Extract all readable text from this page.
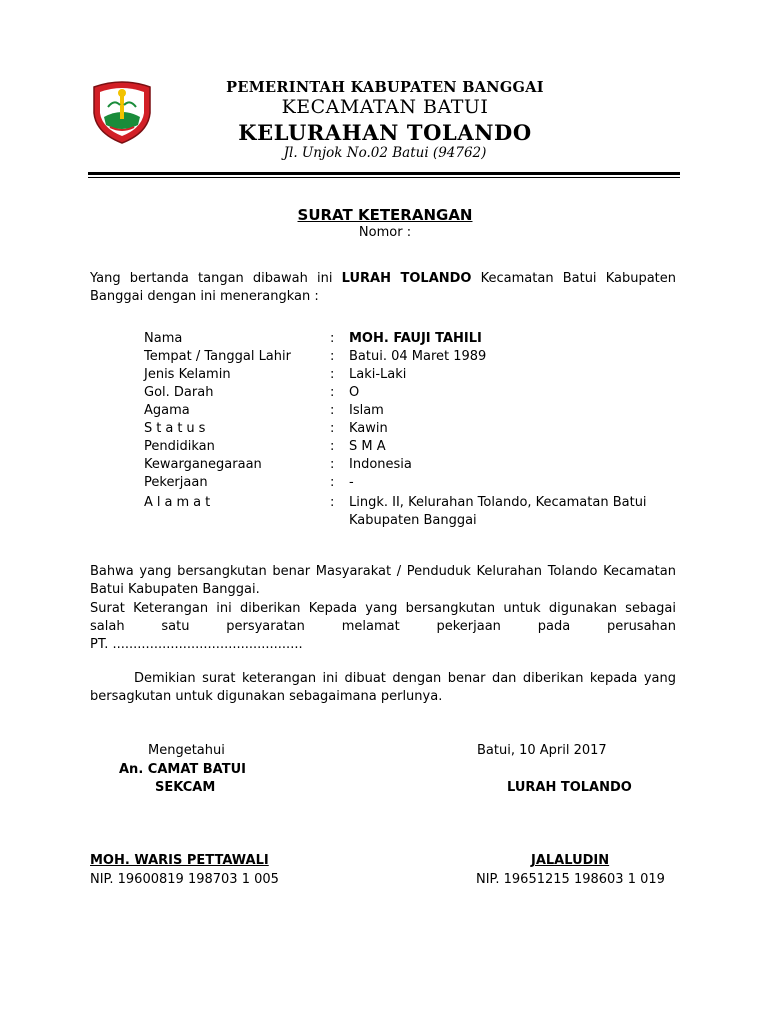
PEMERINTAH KABUPATEN BANGGAI
KECAMATAN BATUI
KELURAHAN TOLANDO
Jl. Unjok No.02 Batui (94762)
SURAT KETERANGAN
Nomor :
Yang bertanda tangan dibawah ini LURAH TOLANDO Kecamatan Batui Kabupaten Banggai dengan ini menerangkan :
Nama	: MOH. FAUJI TAHILI
Tempat / Tanggal Lahir	: Batui. 04 Maret 1989
Jenis Kelamin	: Laki-Laki
Gol. Darah	: O
Agama	: Islam
Status	: Kawin
Pendidikan	: S M A
Kewarganegaraan	: Indonesia
Pekerjaan	: -
Alamat	: Lingk. II, Kelurahan Tolando, Kecamatan Batui
Kabupaten Banggai
Bahwa yang bersangkutan benar Masyarakat / Penduduk Kelurahan Tolando Kecamatan Batui Kabupaten Banggai.
Surat Keterangan ini diberikan Kepada yang bersangkutan untuk digunakan sebagai salah satu persyaratan melamat pekerjaan pada perusahan
PT. ..............................................
Demikian surat keterangan ini dibuat dengan benar dan diberikan kepada yang bersagkutan untuk digunakan sebagaimana perlunya.
Mengetahui
An. CAMAT BATUI
SEKCAM
MOH. WARIS PETTAWALI
NIP. 19600819 198703 1 005
Batui, 10 April 2017
LURAH TOLANDO
JALALUDIN
NIP. 19651215 198603 1 019
